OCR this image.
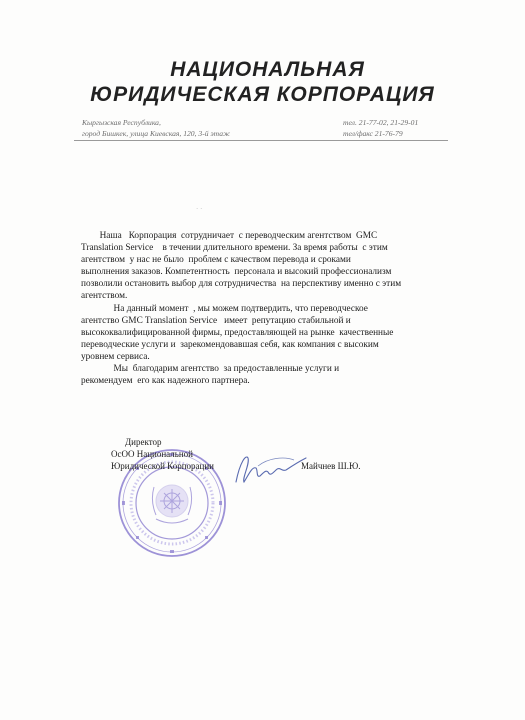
НАЦИОНАЛЬНАЯ
ЮРИДИЧЕСКАЯ КОРПОРАЦИЯ
Кыргызская Республика,
город Бишкек, улица Киевская, 120, 3-й этаж
тел. 21-77-02, 21-29-01
тел/факс 21-76-79
ˋ ˊ
Наша   Корпорация  сотрудничает  с переводческим агентством  GMC
Translation Service    в течении длительного времени. За время работы  с этим
агентством  у нас не было  проблем с качеством перевода и сроками
выполнения заказов. Компетентность  персонала и высокий профессионализм
позволили остановить выбор для сотрудничества  на перспективу именно с этим
агентством.
На данный момент  , мы можем подтвердить, что переводческое
агентство GMC Translation Service   имеет  репутацию стабильной и
высококвалифицированной фирмы, предоставляющей на рынке  качественные
переводческие услуги и  зарекомендовавшая себя, как компания с высоким
уровнем сервиса.
Мы  благодарим агентство  за предоставленные услуги и
рекомендуем  его как надежного партнера.
Директор
ОсОО Национальной
Юридической Корпорации	Майчнев Ш.Ю.
